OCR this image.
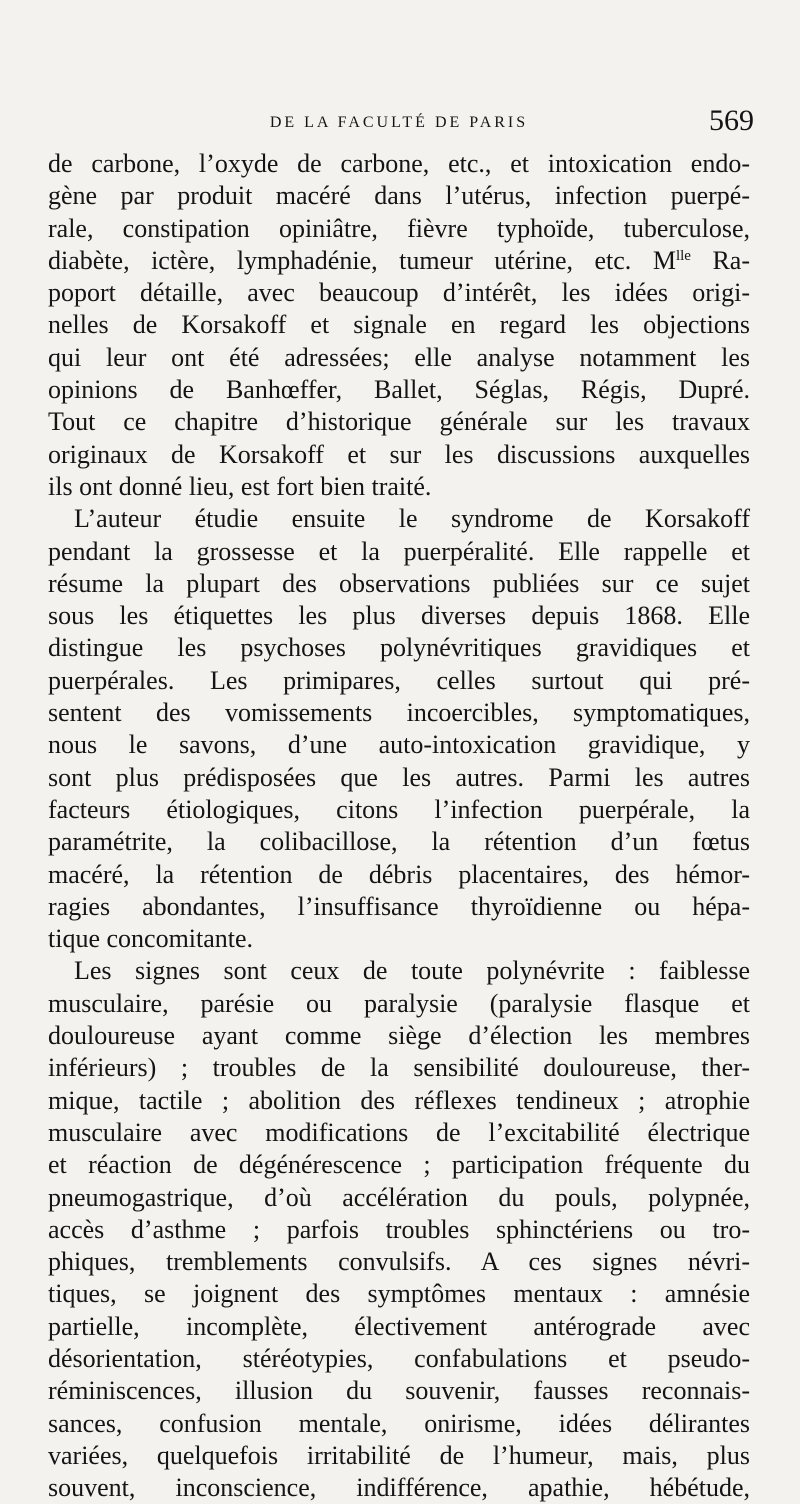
DE LA FACULTÉ DE PARIS	569
de carbone, l’oxyde de carbone, etc., et intoxication endo-
gène par produit macéré dans l’utérus, infection puerpé-
rale, constipation opiniâtre, fièvre typhoïde, tuberculose,
diabète, ictère, lymphadénie, tumeur utérine, etc. $M^{lle}$ Ra-
poport détaille, avec beaucoup d’intérêt, les idées origi-
nelles de Korsakoff et signale en regard les objections
qui leur ont été adressées; elle analyse notamment les
opinions de Banhœffer, Ballet, Séglas, Régis, Dupré.
Tout ce chapitre d’historique générale sur les travaux
originaux de Korsakoff et sur les discussions auxquelles
ils ont donné lieu, est fort bien traité.
L’auteur étudie ensuite le syndrome de Korsakoff
pendant la grossesse et la puerpéralité. Elle rappelle et
résume la plupart des observations publiées sur ce sujet
sous les étiquettes les plus diverses depuis 1868. Elle
distingue les psychoses polynévritiques gravidiques et
puerpérales. Les primipares, celles surtout qui pré-
sentent des vomissements incoercibles, symptomatiques,
nous le savons, d’une auto-intoxication gravidique, y
sont plus prédisposées que les autres. Parmi les autres
facteurs étiologiques, citons l’infection puerpérale, la
paramétrite, la colibacillose, la rétention d’un fœtus
macéré, la rétention de débris placentaires, des hémor-
ragies abondantes, l’insuffisance thyroïdienne ou hépa-
tique concomitante.
Les signes sont ceux de toute polynévrite : faiblesse
musculaire, parésie ou paralysie (paralysie flasque et
douloureuse ayant comme siège d’élection les membres
inférieurs) ; troubles de la sensibilité douloureuse, ther-
mique, tactile ; abolition des réflexes tendineux ; atrophie
musculaire avec modifications de l’excitabilité électrique
et réaction de dégénérescence ; participation fréquente du
pneumogastrique, d’où accélération du pouls, polypnée,
accès d’asthme ; parfois troubles sphinctériens ou tro-
phiques, tremblements convulsifs. A ces signes névri-
tiques, se joignent des symptômes mentaux : amnésie
partielle, incomplète, électivement antérograde avec
désorientation, stéréotypies, confabulations et pseudo-
réminiscences, illusion du souvenir, fausses reconnais-
sances, confusion mentale, onirisme, idées délirantes
variées, quelquefois irritabilité de l’humeur, mais, plus
souvent, inconscience, indifférence, apathie, hébétude,
